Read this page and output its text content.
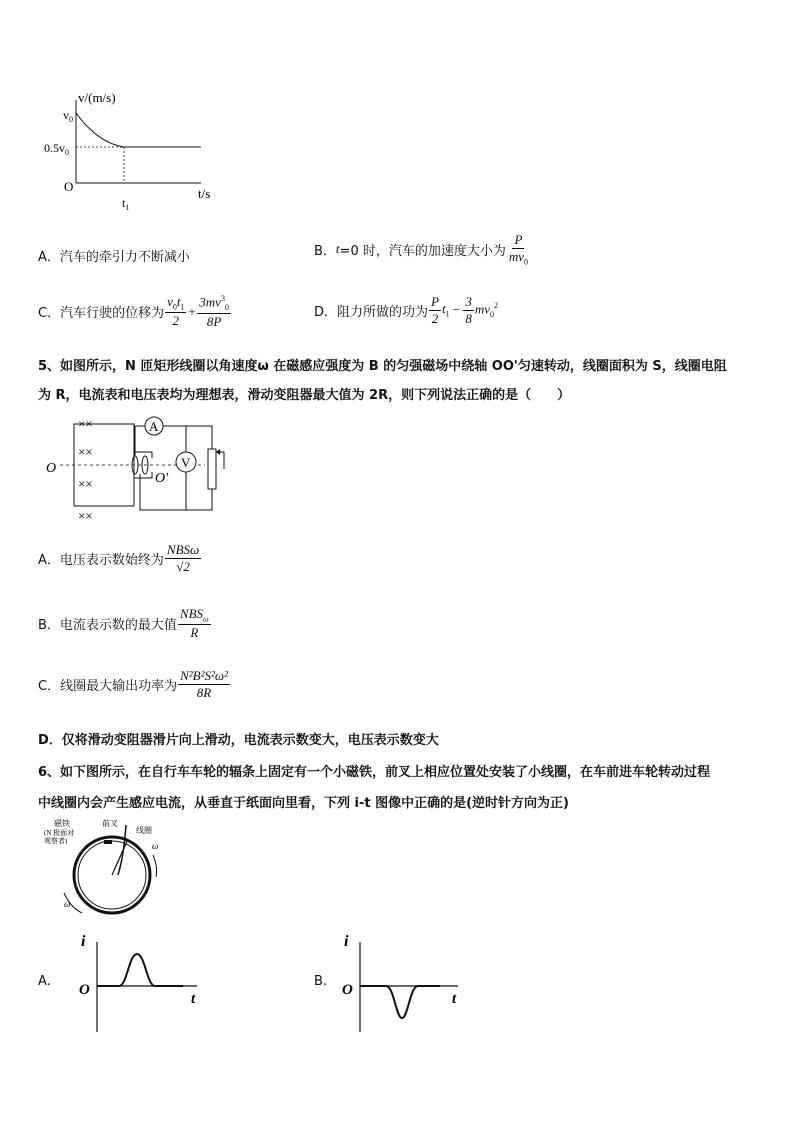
v/(m/s)
$v_0$
$0.5v_0$
O	t/s
$t_1$
A．汽车的牵引力不断减小	B． t =0 时，汽车的加速度大小为 $\frac{P}{mv_0}$
C．汽车行驶的位移为 $\frac{v_0t_1}{2} + \frac{3mv^3_0}{8P}$	D．阻力所做的功为 $\frac{P}{2} t_1 - \frac{3}{8} mv_0^2$
5、如图所示，N 匝矩形线圈以角速度ω 在磁感应强度为 B 的匀强磁场中绕轴 OO'匀速转动，线圈面积为 S，线圈电阻
为 R，电流表和电压表均为理想表，滑动变阻器最大值为 2R，则下列说法正确的是（　　）
××
××
××
××
O
O'
A
V
A．电压表示数始终为 $\frac{\text{NBSω}}{√2}$
B．电流表示数的最大值 $\frac{NBS_\omega}{R}$
C．线圈最大输出功率为 $\frac{\text{N²B²S²ω²}}{8R}$
D．仅将滑动变阻器滑片向上滑动，电流表示数变大，电压表示数变大
6、如下图所示，在自行车车轮的辐条上固定有一个小磁铁，前叉上相应位置处安装了小线圈，在车前进车轮转动过程
中线圈内会产生感应电流，从垂直于纸面向里看，下列 i-t 图像中正确的是(逆时针方向为正)
磁铁
(N 极面对
观察者)
前叉
线圈
ω
ω
A.
i
O
t
B.
i
O
t
